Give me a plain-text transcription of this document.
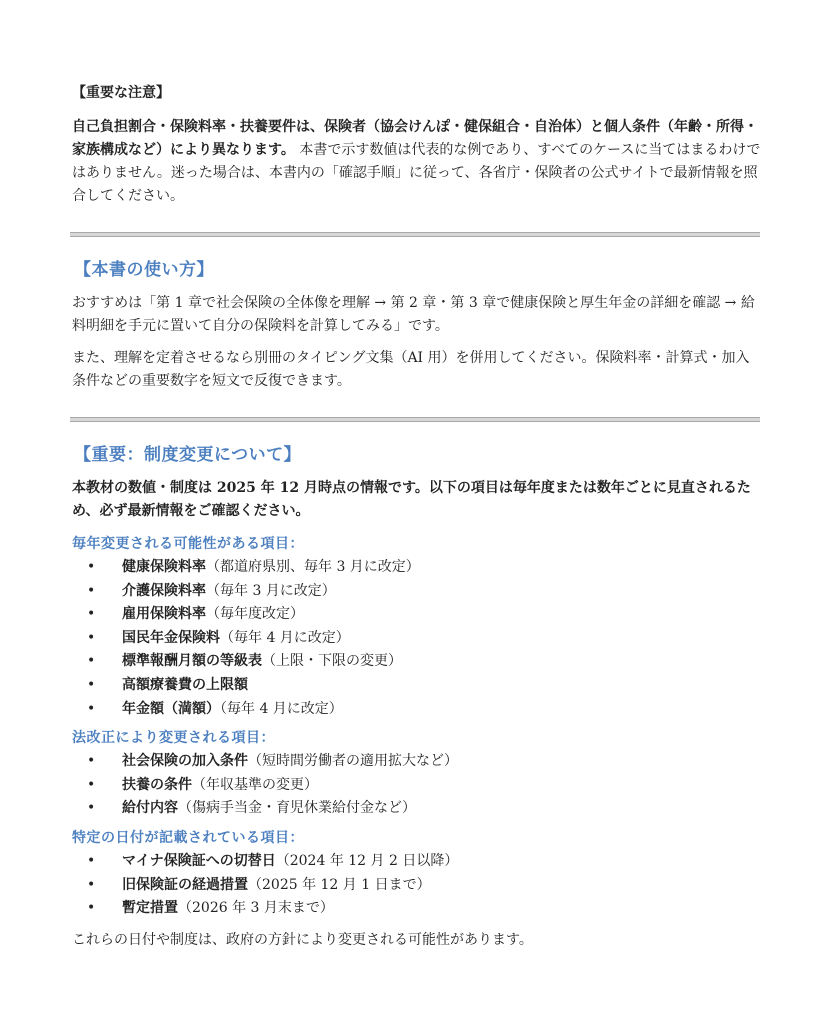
【重要な注意】

自己負担割合・保険料率・扶養要件は、保険者（協会けんぽ・健保組合・自治体）と個人条件（年齢・所得・家族構成など）により異なります。 本書で示す数値は代表的な例であり、すべてのケースに当てはまるわけではありません。迷った場合は、本書内の「確認手順」に従って、各省庁・保険者の公式サイトで最新情報を照合してください。

【本書の使い方】

おすすめは「第 1 章で社会保険の全体像を理解 → 第 2 章・第 3 章で健康保険と厚生年金の詳細を確認 → 給料明細を手元に置いて自分の保険料を計算してみる」です。

また、理解を定着させるなら別冊のタイピング文集（AI 用）を併用してください。保険料率・計算式・加入条件などの重要数字を短文で反復できます。

【重要：制度変更について】

本教材の数値・制度は 2025 年 12 月時点の情報です。以下の項目は毎年度または数年ごとに見直されるため、必ず最新情報をご確認ください。

毎年変更される可能性がある項目：
• 健康保険料率（都道府県別、毎年 3 月に改定）
• 介護保険料率（毎年 3 月に改定）
• 雇用保険料率（毎年度改定）
• 国民年金保険料（毎年 4 月に改定）
• 標準報酬月額の等級表（上限・下限の変更）
• 高額療養費の上限額
• 年金額（満額）（毎年 4 月に改定）
法改正により変更される項目：
• 社会保険の加入条件（短時間労働者の適用拡大など）
• 扶養の条件（年収基準の変更）
• 給付内容（傷病手当金・育児休業給付金など）
特定の日付が記載されている項目：
• マイナ保険証への切替日（2024 年 12 月 2 日以降）
• 旧保険証の経過措置（2025 年 12 月 1 日まで）
• 暫定措置（2026 年 3 月末まで）

これらの日付や制度は、政府の方針により変更される可能性があります。
